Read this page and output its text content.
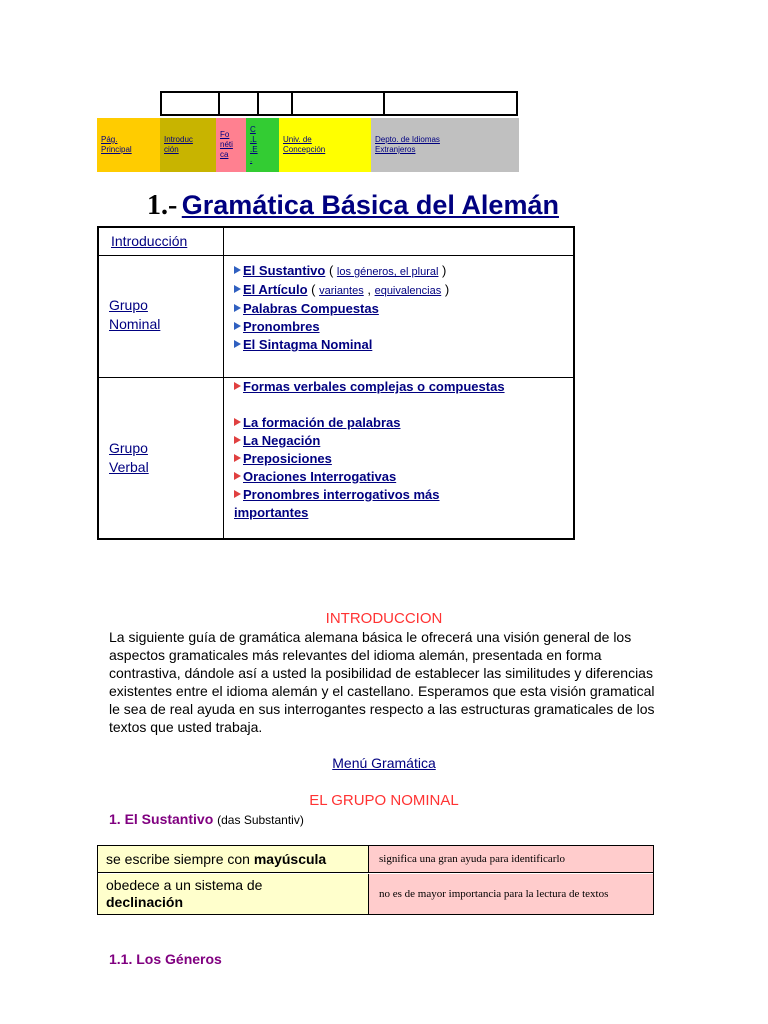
Pág.
Principal
Introduc
ción
Fo
néti
ca
C
.L
.E
.
Univ. de
Concepción
Depto. de Idiomas
Extranjeros
1.- Gramática Básica del Alemán
Introducción
Grupo
Nominal
Grupo
Verbal
El Sustantivo ( los géneros, el plural )
El Artículo ( variantes , equivalencias )
Palabras Compuestas
Pronombres
El Sintagma Nominal
Formas verbales complejas o compuestas
La formación de palabras
La Negación
Preposiciones
Oraciones Interrogativas
Pronombres interrogativos más
importantes
INTRODUCCION
La siguiente guía de gramática alemana básica le ofrecerá una visión general de los aspectos gramaticales más relevantes del idioma alemán, presentada en forma contrastiva, dándole así a usted la posibilidad de establecer las similitudes y diferencias existentes entre el idioma alemán y el castellano. Esperamos que esta visión gramatical le sea de real ayuda en sus interrogantes respecto a las estructuras gramaticales de los textos que usted trabaja.
Menú Gramática
EL GRUPO NOMINAL
1. El Sustantivo (das Substantiv)
se escribe siempre con mayúscula	significa una gran ayuda para identificarlo
obedece a un sistema de
declinación
no es de mayor importancia para la lectura de textos
1.1. Los Géneros
